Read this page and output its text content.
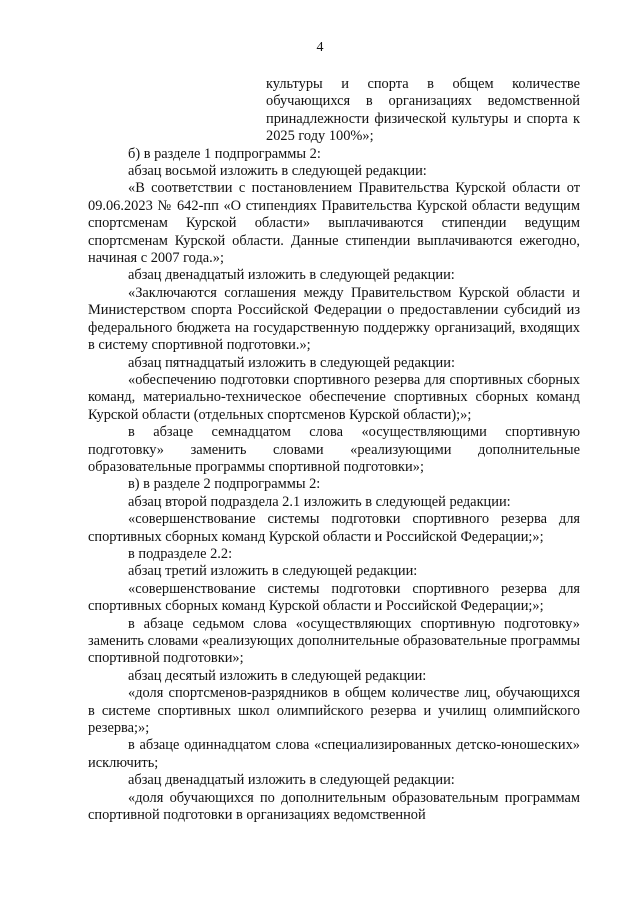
4

культуры и спорта в общем количестве обучающихся в организациях ведомственной принадлежности физической культуры и спорта к 2025 году 100%»;

б) в разделе 1 подпрограммы 2:

абзац восьмой изложить в следующей редакции:

«В соответствии с постановлением Правительства Курской области от 09.06.2023 № 642-пп «О стипендиях Правительства Курской области ведущим спортсменам Курской области» выплачиваются стипендии ведущим спортсменам Курской области. Данные стипендии выплачиваются ежегодно, начиная с 2007 года.»;

абзац двенадцатый изложить в следующей редакции:

«Заключаются соглашения между Правительством Курской области и Министерством спорта Российской Федерации о предоставлении субсидий из федерального бюджета на государственную поддержку организаций, входящих в систему спортивной подготовки.»;

абзац пятнадцатый изложить в следующей редакции:

«обеспечению подготовки спортивного резерва для спортивных сборных команд, материально-техническое обеспечение спортивных сборных команд Курской области (отдельных спортсменов Курской области);»;

в абзаце семнадцатом слова «осуществляющими спортивную подготовку» заменить словами «реализующими дополнительные образовательные программы спортивной подготовки»;

в) в разделе 2 подпрограммы 2:

абзац второй подраздела 2.1 изложить в следующей редакции:

«совершенствование системы подготовки спортивного резерва для спортивных сборных команд Курской области и Российской Федерации;»;

в подразделе 2.2:

абзац третий изложить в следующей редакции:

«совершенствование системы подготовки спортивного резерва для спортивных сборных команд Курской области и Российской Федерации;»;

в абзаце седьмом слова «осуществляющих спортивную подготовку» заменить словами «реализующих дополнительные образовательные программы спортивной подготовки»;

абзац десятый изложить в следующей редакции:

«доля спортсменов-разрядников в общем количестве лиц, обучающихся в системе спортивных школ олимпийского резерва и училищ олимпийского резерва;»;

в абзаце одиннадцатом слова «специализированных детско-юношеских» исключить;

абзац двенадцатый изложить в следующей редакции:

«доля обучающихся по дополнительным образовательным программам спортивной подготовки в организациях ведомственной
